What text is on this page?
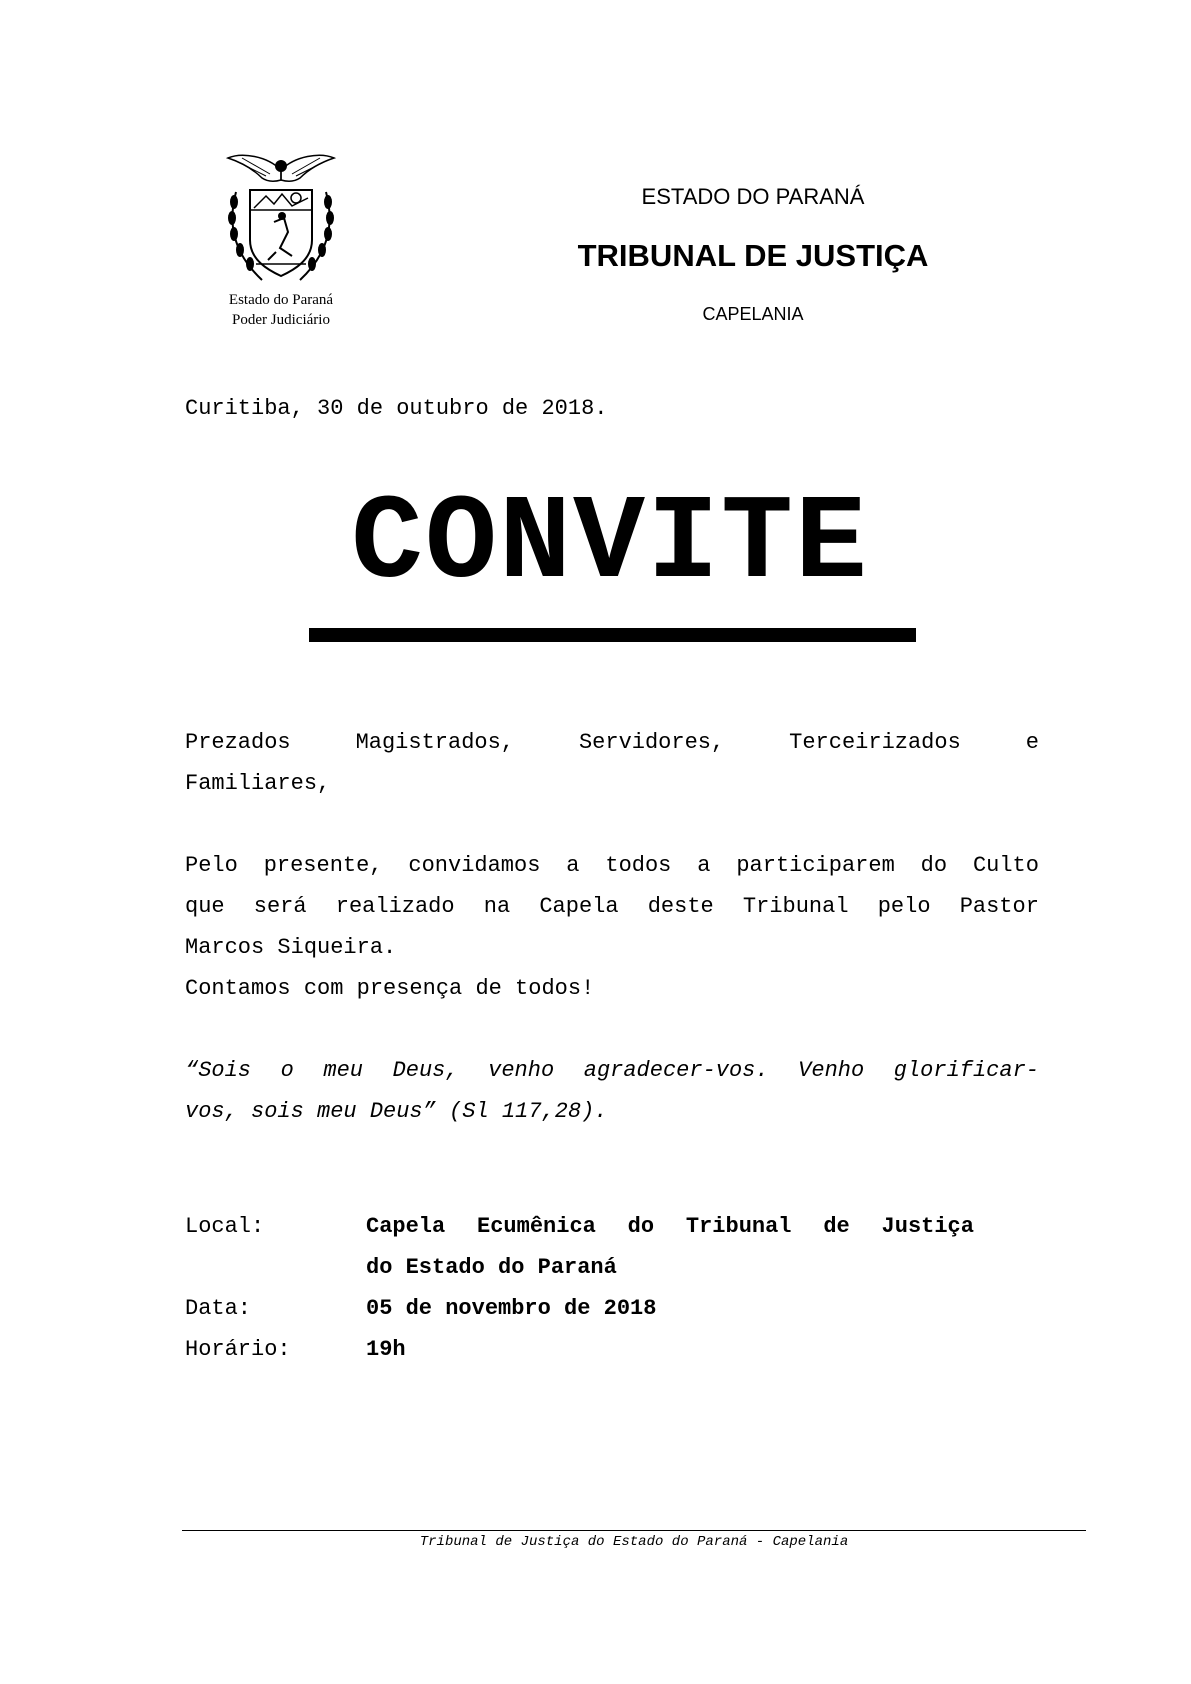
Estado do Paraná
Poder Judiciário
ESTADO DO PARANÁ
TRIBUNAL DE JUSTIÇA
CAPELANIA
Curitiba, 30 de outubro de 2018.
CONVITE
Prezados	Magistrados,	Servidores,	Terceirizados	e
Familiares,
Pelo presente, convidamos a todos a participarem do Culto
que será realizado na Capela deste Tribunal pelo Pastor
Marcos Siqueira.
Contamos com presença de todos!
“Sois o meu Deus, venho agradecer-vos. Venho glorificar-
vos, sois meu Deus” (Sl 117,28).
Local:	Capela Ecumênica do Tribunal de Justiça
do Estado do Paraná
Data:	05 de novembro de 2018
Horário:	19h
Tribunal de Justiça do Estado do Paraná - Capelania
